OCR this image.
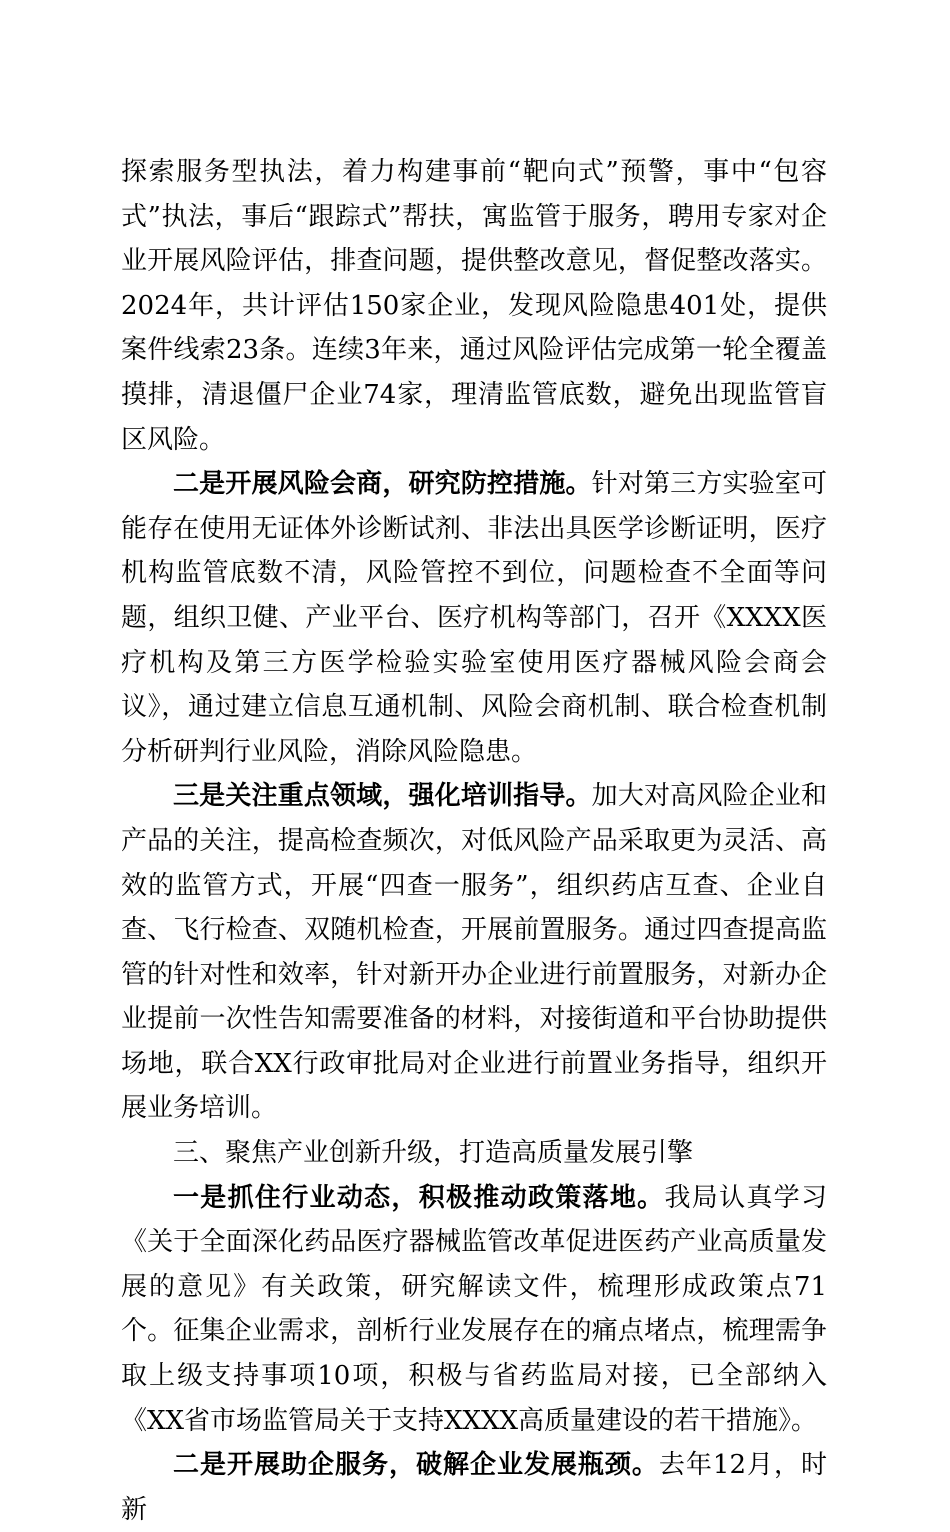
探索服务型执法，着力构建事前“靶向式”预警，事中“包容式”执法，事后“跟踪式”帮扶，寓监管于服务，聘用专家对企业开展风险评估，排查问题，提供整改意见，督促整改落实。2024年，共计评估150家企业，发现风险隐患401处，提供案件线索23条。连续3年来，通过风险评估完成第一轮全覆盖摸排，清退僵尸企业74家，理清监管底数，避免出现监管盲区风险。

二是开展风险会商，研究防控措施。针对第三方实验室可能存在使用无证体外诊断试剂、非法出具医学诊断证明，医疗机构监管底数不清，风险管控不到位，问题检查不全面等问题，组织卫健、产业平台、医疗机构等部门，召开《XXXX医疗机构及第三方医学检验实验室使用医疗器械风险会商会议》，通过建立信息互通机制、风险会商机制、联合检查机制分析研判行业风险，消除风险隐患。

三是关注重点领域，强化培训指导。加大对高风险企业和产品的关注，提高检查频次，对低风险产品采取更为灵活、高效的监管方式，开展“四查一服务”，组织药店互查、企业自查、飞行检查、双随机检查，开展前置服务。通过四查提高监管的针对性和效率，针对新开办企业进行前置服务，对新办企业提前一次性告知需要准备的材料，对接街道和平台协助提供场地，联合XX行政审批局对企业进行前置业务指导，组织开展业务培训。

三、聚焦产业创新升级，打造高质量发展引擎

一是抓住行业动态，积极推动政策落地。我局认真学习《关于全面深化药品医疗器械监管改革促进医药产业高质量发展的意见》有关政策，研究解读文件，梳理形成政策点71个。征集企业需求，剖析行业发展存在的痛点堵点，梳理需争取上级支持事项10项，积极与省药监局对接，已全部纳入《XX省市场监管局关于支持XXXX高质量建设的若干措施》。

二是开展助企服务，破解企业发展瓶颈。去年12月，时新
